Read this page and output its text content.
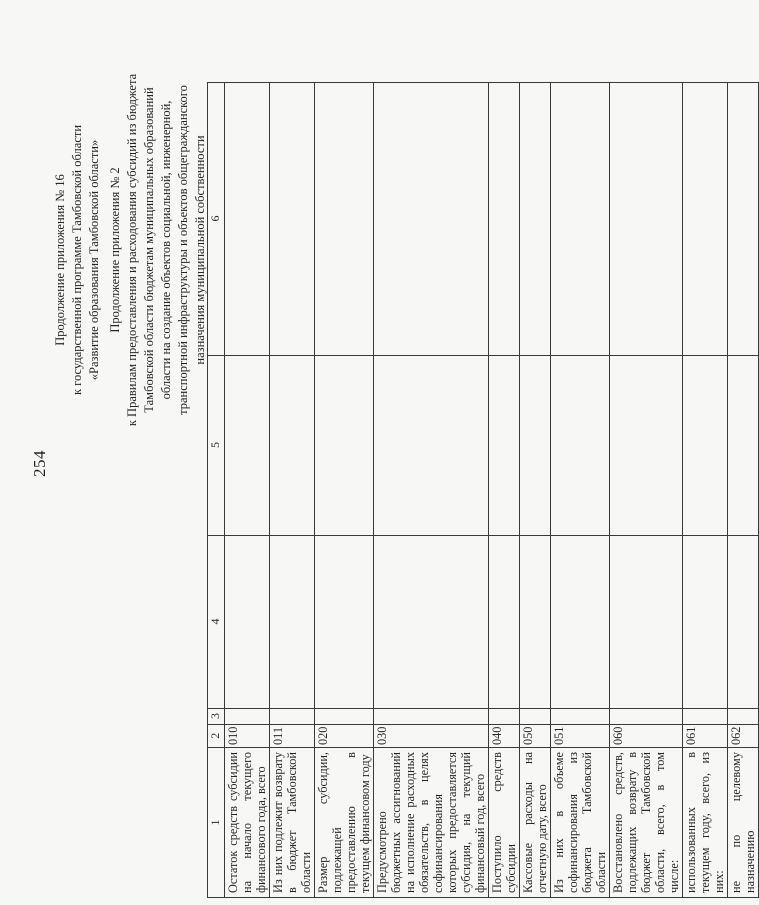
254
Продолжение приложения № 16 к государственной программе Тамбовской области «Развитие образования Тамбовской области» Продолжение приложения № 2 к Правилам предоставления и расходования субсидий из бюджета Тамбовской области бюджетам муниципальных образований области на создание объектов социальной, инженерной, транспортной инфраструктуры и объектов общегражданского назначения муниципальной собственности
1	2	3	4	5	6
Остаток средств субсидии на начало текущего финансового года, всего	010				
Из них подлежит возврату в бюджет Тамбовской области	011				
Размер субсидии, подлежащей предоставлению в текущем финансовом году	020				
Предусмотрено бюджетных ассигнований на исполнение расходных обязательств, в целях софинансирования которых предоставляется субсидия, на текущий финансовый год, всего	030				
Поступило средств субсидии	040				
Кассовые расходы на отчетную дату, всего	050				
Из них в объеме софинансирования из бюджета Тамбовской области	051				
Восстановлено средств, подлежащих возврату в бюджет Тамбовской области, всего, в том числе:	060				
использованных в текущем году, всего, из них:	061				
не по целевому назначению	062				
